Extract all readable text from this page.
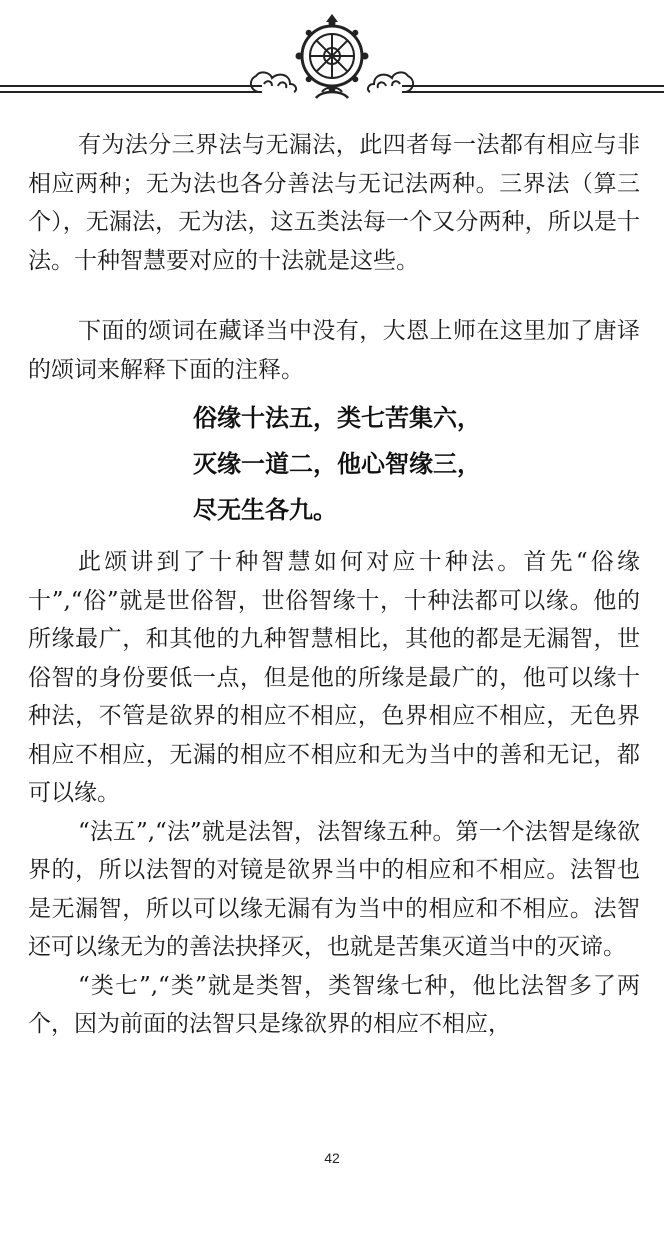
有为法分三界法与无漏法，此四者每一法都有相应与非相应两种；无为法也各分善法与无记法两种。三界法（算三个），无漏法，无为法，这五类法每一个又分两种，所以是十法。十种智慧要对应的十法就是这些。

下面的颂词在藏译当中没有，大恩上师在这里加了唐译的颂词来解释下面的注释。

俗缘十法五，类七苦集六，
灭缘一道二，他心智缘三，
尽无生各九。

此颂讲到了十种智慧如何对应十种法。首先“俗缘十”,“俗”就是世俗智，世俗智缘十，十种法都可以缘。他的所缘最广，和其他的九种智慧相比，其他的都是无漏智，世俗智的身份要低一点，但是他的所缘是最广的，他可以缘十种法，不管是欲界的相应不相应，色界相应不相应，无色界相应不相应，无漏的相应不相应和无为当中的善和无记，都可以缘。

“法五”,“法”就是法智，法智缘五种。第一个法智是缘欲界的，所以法智的对镜是欲界当中的相应和不相应。法智也是无漏智，所以可以缘无漏有为当中的相应和不相应。法智还可以缘无为的善法抉择灭，也就是苦集灭道当中的灭谛。

“类七”,“类”就是类智，类智缘七种，他比法智多了两个，因为前面的法智只是缘欲界的相应不相应，

42
